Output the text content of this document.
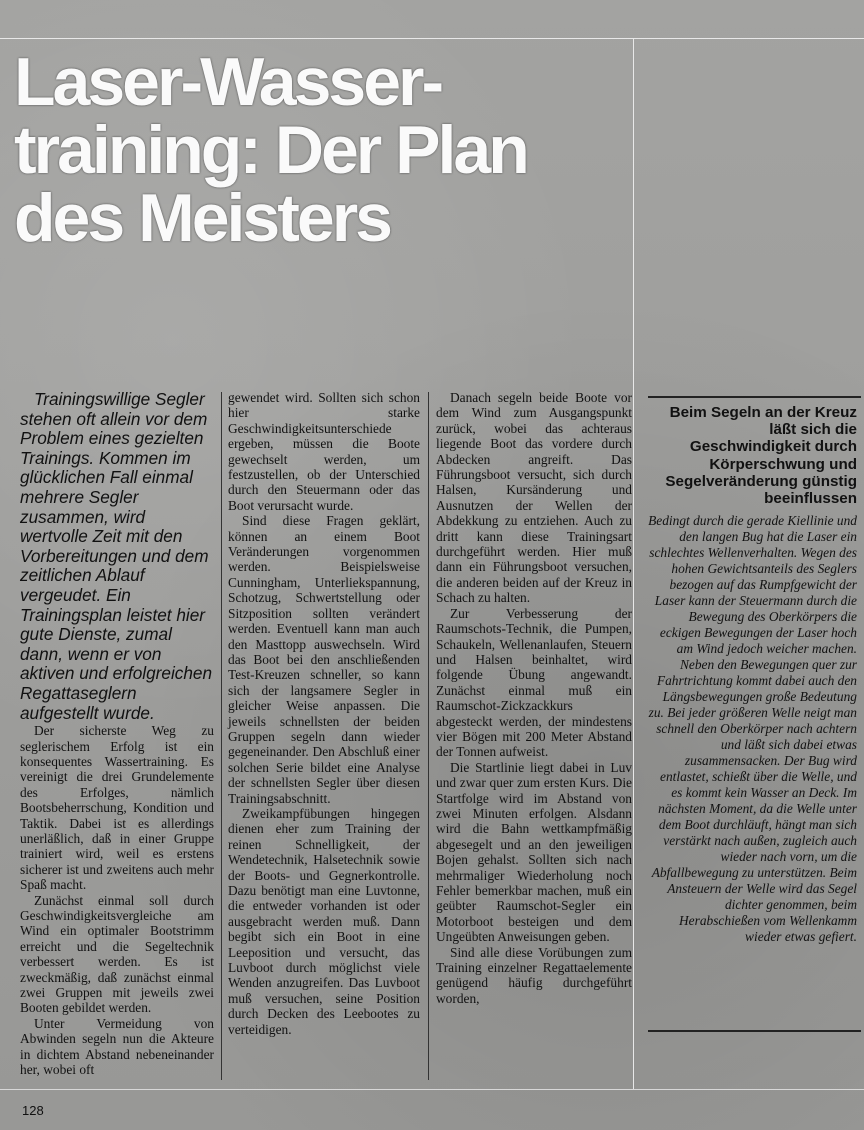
Laser-Wasser-training: Der Plan des Meisters

Trainingswillige Segler stehen oft allein vor dem Problem eines gezielten Trainings. Kommen im glücklichen Fall einmal mehrere Segler zusammen, wird wertvolle Zeit mit den Vorbereitungen und dem zeitlichen Ablauf vergeudet. Ein Trainingsplan leistet hier gute Dienste, zumal dann, wenn er von aktiven und erfolgreichen Regattaseglern aufgestellt wurde.

Der sicherste Weg zu seglerischem Erfolg ist ein konsequentes Wassertraining. Es vereinigt die drei Grundelemente des Erfolges, nämlich Bootsbeherrschung, Kondition und Taktik. Dabei ist es allerdings unerläßlich, daß in einer Gruppe trainiert wird, weil es erstens sicherer ist und zweitens auch mehr Spaß macht.

Zunächst einmal soll durch Geschwindigkeitsvergleiche am Wind ein optimaler Bootstrimm erreicht und die Segeltechnik verbessert werden. Es ist zweckmäßig, daß zunächst einmal zwei Gruppen mit jeweils zwei Booten gebildet werden.

Unter Vermeidung von Abwinden segeln nun die Akteure in dichtem Abstand nebeneinander her, wobei oft

gewendet wird. Sollten sich schon hier starke Geschwindigkeitsunterschiede ergeben, müssen die Boote gewechselt werden, um festzustellen, ob der Unterschied durch den Steuermann oder das Boot verursacht wurde.

Sind diese Fragen geklärt, können an einem Boot Veränderungen vorgenommen werden. Beispielsweise Cunningham, Unterliekspannung, Schotzug, Schwertstellung oder Sitzposition sollten verändert werden. Eventuell kann man auch den Masttopp auswechseln. Wird das Boot bei den anschließenden Test-Kreuzen schneller, so kann sich der langsamere Segler in gleicher Weise anpassen. Die jeweils schnellsten der beiden Gruppen segeln dann wieder gegeneinander. Den Abschluß einer solchen Serie bildet eine Analyse der schnellsten Segler über diesen Trainingsabschnitt.

Zweikampfübungen hingegen dienen eher zum Training der reinen Schnelligkeit, der Wendetechnik, Halsetechnik sowie der Boots- und Gegnerkontrolle. Dazu benötigt man eine Luvtonne, die entweder vorhanden ist oder ausgebracht werden muß. Dann begibt sich ein Boot in eine Leeposition und versucht, das Luvboot durch möglichst viele Wenden anzugreifen. Das Luvboot muß versuchen, seine Position durch Decken des Leebootes zu verteidigen.

Danach segeln beide Boote vor dem Wind zum Ausgangspunkt zurück, wobei das achteraus liegende Boot das vordere durch Abdecken angreift. Das Führungsboot versucht, sich durch Halsen, Kursänderung und Ausnutzen der Wellen der Abdekkung zu entziehen. Auch zu dritt kann diese Trainingsart durchgeführt werden. Hier muß dann ein Führungsboot versuchen, die anderen beiden auf der Kreuz in Schach zu halten.

Zur Verbesserung der Raumschots-Technik, die Pumpen, Schaukeln, Wellenanlaufen, Steuern und Halsen beinhaltet, wird folgende Übung angewandt. Zunächst einmal muß ein Raumschot-Zickzackkurs abgesteckt werden, der mindestens vier Bögen mit 200 Meter Abstand der Tonnen aufweist.

Die Startlinie liegt dabei in Luv und zwar quer zum ersten Kurs. Die Startfolge wird im Abstand von zwei Minuten erfolgen. Alsdann wird die Bahn wettkampfmäßig abgesegelt und an den jeweiligen Bojen gehalst. Sollten sich nach mehrmaliger Wiederholung noch Fehler bemerkbar machen, muß ein geübter Raumschot-Segler ein Motorboot besteigen und dem Ungeübten Anweisungen geben.

Sind alle diese Vorübungen zum Training einzelner Regattaelemente genügend häufig durchgeführt worden,

Beim Segeln an der Kreuz läßt sich die Geschwindigkeit durch Körperschwung und Segelveränderung günstig beeinflussen

Bedingt durch die gerade Kiellinie und den langen Bug hat die Laser ein schlechtes Wellenverhalten. Wegen des hohen Gewichtsanteils des Seglers bezogen auf das Rumpfgewicht der Laser kann der Steuermann durch die Bewegung des Oberkörpers die eckigen Bewegungen der Laser hoch am Wind jedoch weicher machen. Neben den Bewegungen quer zur Fahrtrichtung kommt dabei auch den Längsbewegungen große Bedeutung zu. Bei jeder größeren Welle neigt man schnell den Oberkörper nach achtern und läßt sich dabei etwas zusammensacken. Der Bug wird entlastet, schießt über die Welle, und es kommt kein Wasser an Deck. Im nächsten Moment, da die Welle unter dem Boot durchläuft, hängt man sich verstärkt nach außen, zugleich auch wieder nach vorn, um die Abfallbewegung zu unterstützen. Beim Ansteuern der Welle wird das Segel dichter genommen, beim Herabschießen vom Wellenkamm wieder etwas gefiert.

128
